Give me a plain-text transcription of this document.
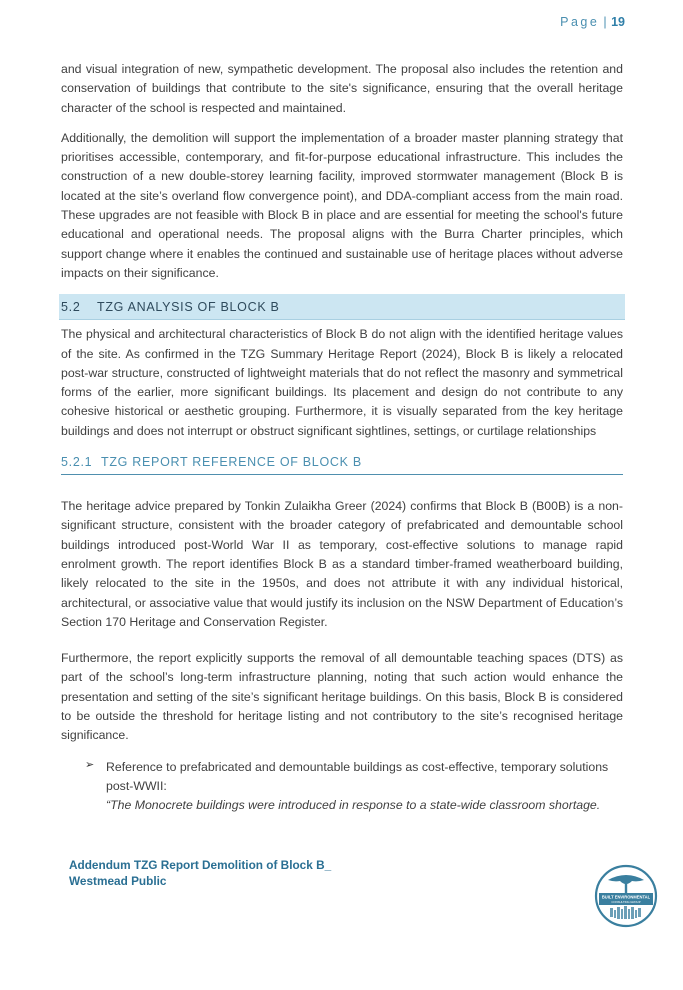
Page | 19

and visual integration of new, sympathetic development. The proposal also includes the retention and conservation of buildings that contribute to the site's significance, ensuring that the overall heritage character of the school is respected and maintained.

Additionally, the demolition will support the implementation of a broader master planning strategy that prioritises accessible, contemporary, and fit-for-purpose educational infrastructure. This includes the construction of a new double-storey learning facility, improved stormwater management (Block B is located at the site’s overland flow convergence point), and DDA-compliant access from the main road. These upgrades are not feasible with Block B in place and are essential for meeting the school's future educational and operational needs. The proposal aligns with the Burra Charter principles, which support change where it enables the continued and sustainable use of heritage places without adverse impacts on their significance.

5.2 TZG ANALYSIS OF BLOCK B

The physical and architectural characteristics of Block B do not align with the identified heritage values of the site. As confirmed in the TZG Summary Heritage Report (2024), Block B is likely a relocated post-war structure, constructed of lightweight materials that do not reflect the masonry and symmetrical forms of the earlier, more significant buildings. Its placement and design do not contribute to any cohesive historical or aesthetic grouping. Furthermore, it is visually separated from the key heritage buildings and does not interrupt or obstruct significant sightlines, settings, or curtilage relationships

5.2.1 TZG REPORT REFERENCE OF BLOCK B

The heritage advice prepared by Tonkin Zulaikha Greer (2024) confirms that Block B (B00B) is a non-significant structure, consistent with the broader category of prefabricated and demountable school buildings introduced post-World War II as temporary, cost-effective solutions to manage rapid enrolment growth. The report identifies Block B as a standard timber-framed weatherboard building, likely relocated to the site in the 1950s, and does not attribute it with any individual historical, architectural, or associative value that would justify its inclusion on the NSW Department of Education’s Section 170 Heritage and Conservation Register.

Furthermore, the report explicitly supports the removal of all demountable teaching spaces (DTS) as part of the school’s long-term infrastructure planning, noting that such action would enhance the presentation and setting of the site’s significant heritage buildings. On this basis, Block B is considered to be outside the threshold for heritage listing and not contributory to the site’s recognised heritage significance.

➢ Reference to prefabricated and demountable buildings as cost-effective, temporary solutions post-WWII:

“The Monocrete buildings were introduced in response to a state-wide classroom shortage.

Addendum TZG Report Demolition of Block B_
Westmead Public
BUILT ENVIRONMENTAL
CONSULTING GROUP
